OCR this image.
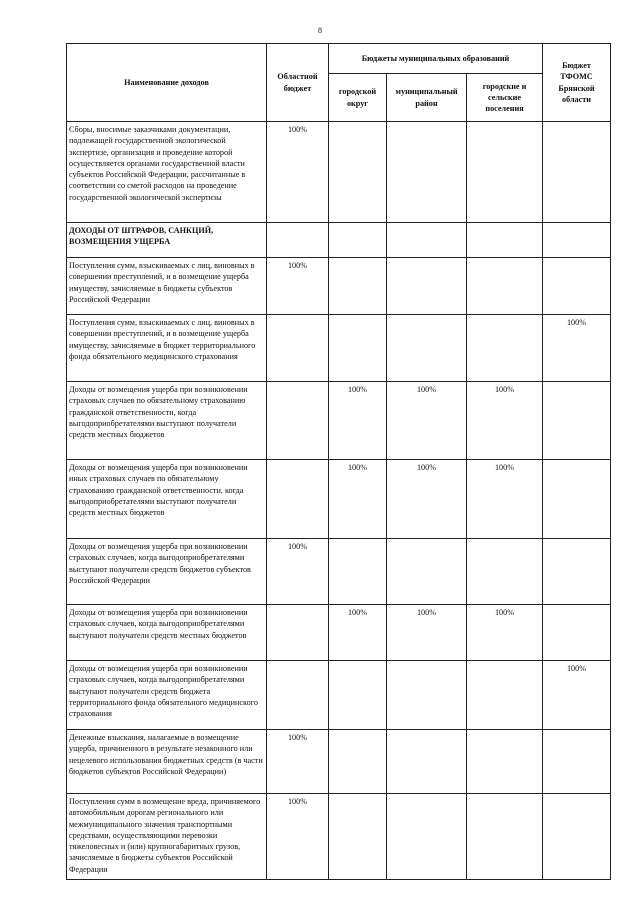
8
Наименование доходов	Областной бюджет	Бюджеты муниципальных образований			Бюджет ТФОМС Брянской области
		городской округ	муниципальный район	городские и сельские поселения	
Сборы, вносимые заказчиками документации, подлежащей государственной экологической экспертизе, организация и проведение которой осуществляется органами государственной власти субъектов Российской Федерации, рассчитанные в соответствии со сметой расходов на проведение государственной экологической экспертизы	100%				
ДОХОДЫ ОТ ШТРАФОВ, САНКЦИЙ, ВОЗМЕЩЕНИЯ УЩЕРБА					
Поступления сумм, взыскиваемых с лиц, виновных в совершении преступлений, и в возмещение ущерба имуществу, зачисляемые в бюджеты субъектов Российской Федерации	100%				
Поступления сумм, взыскиваемых с лиц, виновных в совершении преступлений, и в возмещение ущерба имуществу, зачисляемые в бюджет территориального фонда обязательного медицинского страхования					100%
Доходы от возмещения ущерба при возникновении страховых случаев по обязательному страхованию гражданской ответственности, когда выгодоприобретателями выступают получатели средств местных бюджетов		100%	100%	100%	
Доходы от возмещения ущерба при возникновении иных страховых случаев по обязательному страхованию гражданской ответственности, когда выгодоприобретателями выступают получатели средств местных бюджетов		100%	100%	100%	
Доходы от возмещения ущерба при возникновении страховых случаев, когда выгодоприобретателями выступают получатели средств бюджетов субъектов Российской Федерации	100%				
Доходы от возмещения ущерба при возникновении страховых случаев, когда выгодоприобретателями выступают получатели средств местных бюджетов		100%	100%	100%	
Доходы от возмещения ущерба при возникновении страховых случаев, когда выгодоприобретателями выступают получатели средств бюджета территориального фонда обязательного медицинского страхования					100%
Денежные взыскания, налагаемые в возмещение ущерба, причиненного в результате незаконного или нецелевого использования бюджетных средств (в части бюджетов субъектов Российской Федерации)	100%				
Поступления сумм в возмещение вреда, причиняемого автомобильным дорогам регионального или межмуниципального значения транспортными средствами, осуществляющими перевозки тяжеловесных и (или) крупногабаритных грузов, зачисляемые в бюджеты субъектов Российской Федерации	100%				
